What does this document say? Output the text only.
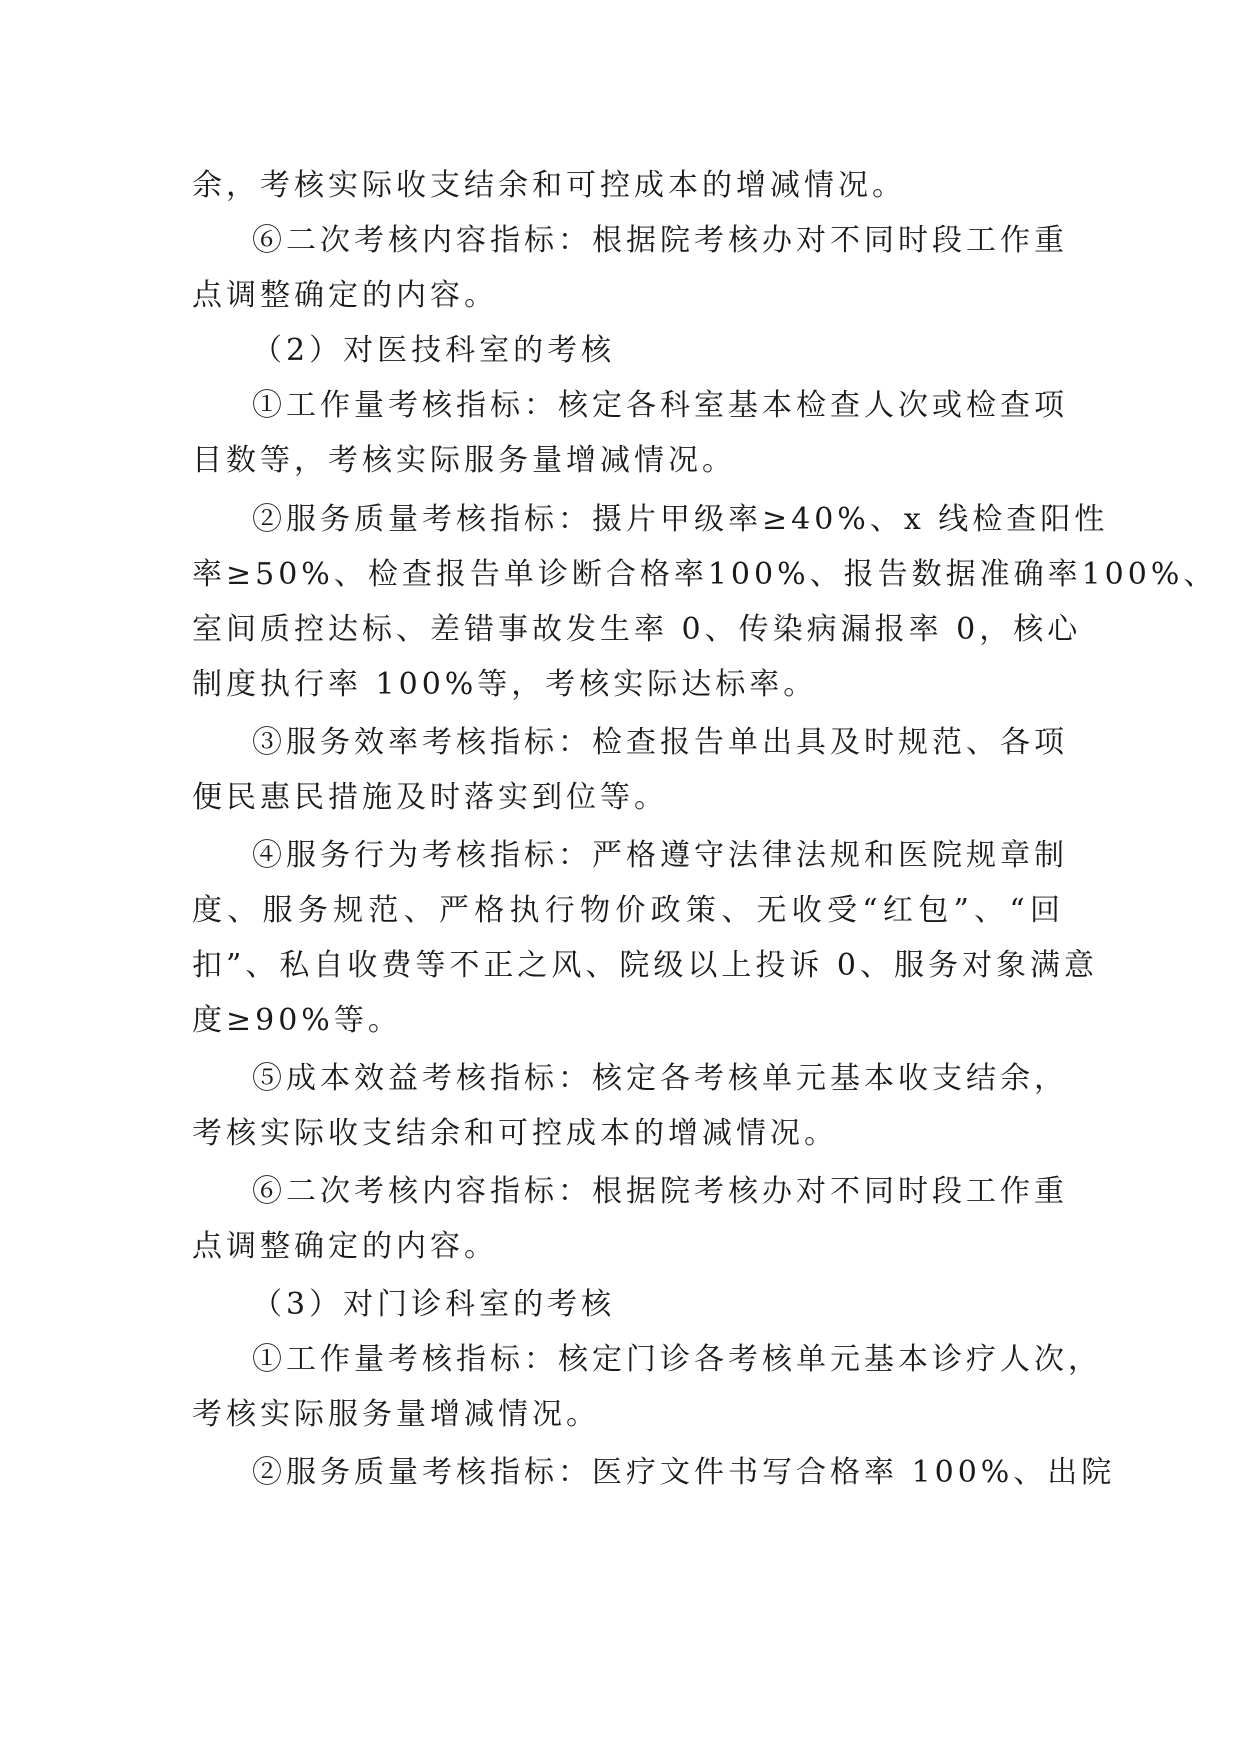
余，考核实际收支结余和可控成本的增减情况。
⑥二次考核内容指标：根据院考核办对不同时段工作重
点调整确定的内容。
（2）对医技科室的考核
①工作量考核指标：核定各科室基本检查人次或检查项
目数等，考核实际服务量增减情况。
②服务质量考核指标：摄片甲级率≥40%、x 线检查阳性
率≥50%、检查报告单诊断合格率100%、报告数据准确率100%、
室间质控达标、差错事故发生率 0、传染病漏报率 0，核心
制度执行率 100%等，考核实际达标率。
③服务效率考核指标：检查报告单出具及时规范、各项
便民惠民措施及时落实到位等。
④服务行为考核指标：严格遵守法律法规和医院规章制
度、服务规范、严格执行物价政策、无收受“红包”、“回
扣”、私自收费等不正之风、院级以上投诉 0、服务对象满意
度≥90%等。
⑤成本效益考核指标：核定各考核单元基本收支结余，
考核实际收支结余和可控成本的增减情况。
⑥二次考核内容指标：根据院考核办对不同时段工作重
点调整确定的内容。
（3）对门诊科室的考核
①工作量考核指标：核定门诊各考核单元基本诊疗人次，
考核实际服务量增减情况。
②服务质量考核指标：医疗文件书写合格率 100%、出院
